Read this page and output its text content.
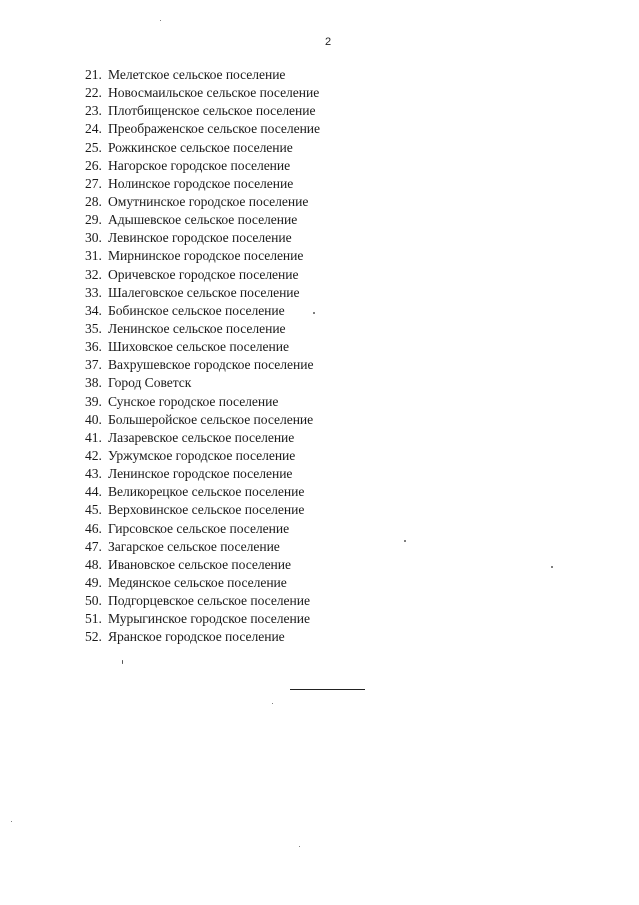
2
21. Мелетское сельское поселение
22. Новосмаильское сельское поселение
23. Плотбищенское сельское поселение
24. Преображенское сельское поселение
25. Рожкинское сельское поселение
26. Нагорское городское поселение
27. Нолинское городское поселение
28. Омутнинское городское поселение
29. Адышевское сельское поселение
30. Левинское городское поселение
31. Мирнинское городское поселение
32. Оричевское городское поселение
33. Шалеговское сельское поселение
34. Бобинское сельское поселение
35. Ленинское сельское поселение
36. Шиховское сельское поселение
37. Вахрушевское городское поселение
38. Город Советск
39. Сунское городское поселение
40. Большеройское сельское поселение
41. Лазаревское сельское поселение
42. Уржумское городское поселение
43. Ленинское городское поселение
44. Великорецкое сельское поселение
45. Верховинское сельское поселение
46. Гирсовское сельское поселение
47. Загарское сельское поселение
48. Ивановское сельское поселение
49. Медянское сельское поселение
50. Подгорцевское сельское поселение
51. Мурыгинское городское поселение
52. Яранское городское поселение
